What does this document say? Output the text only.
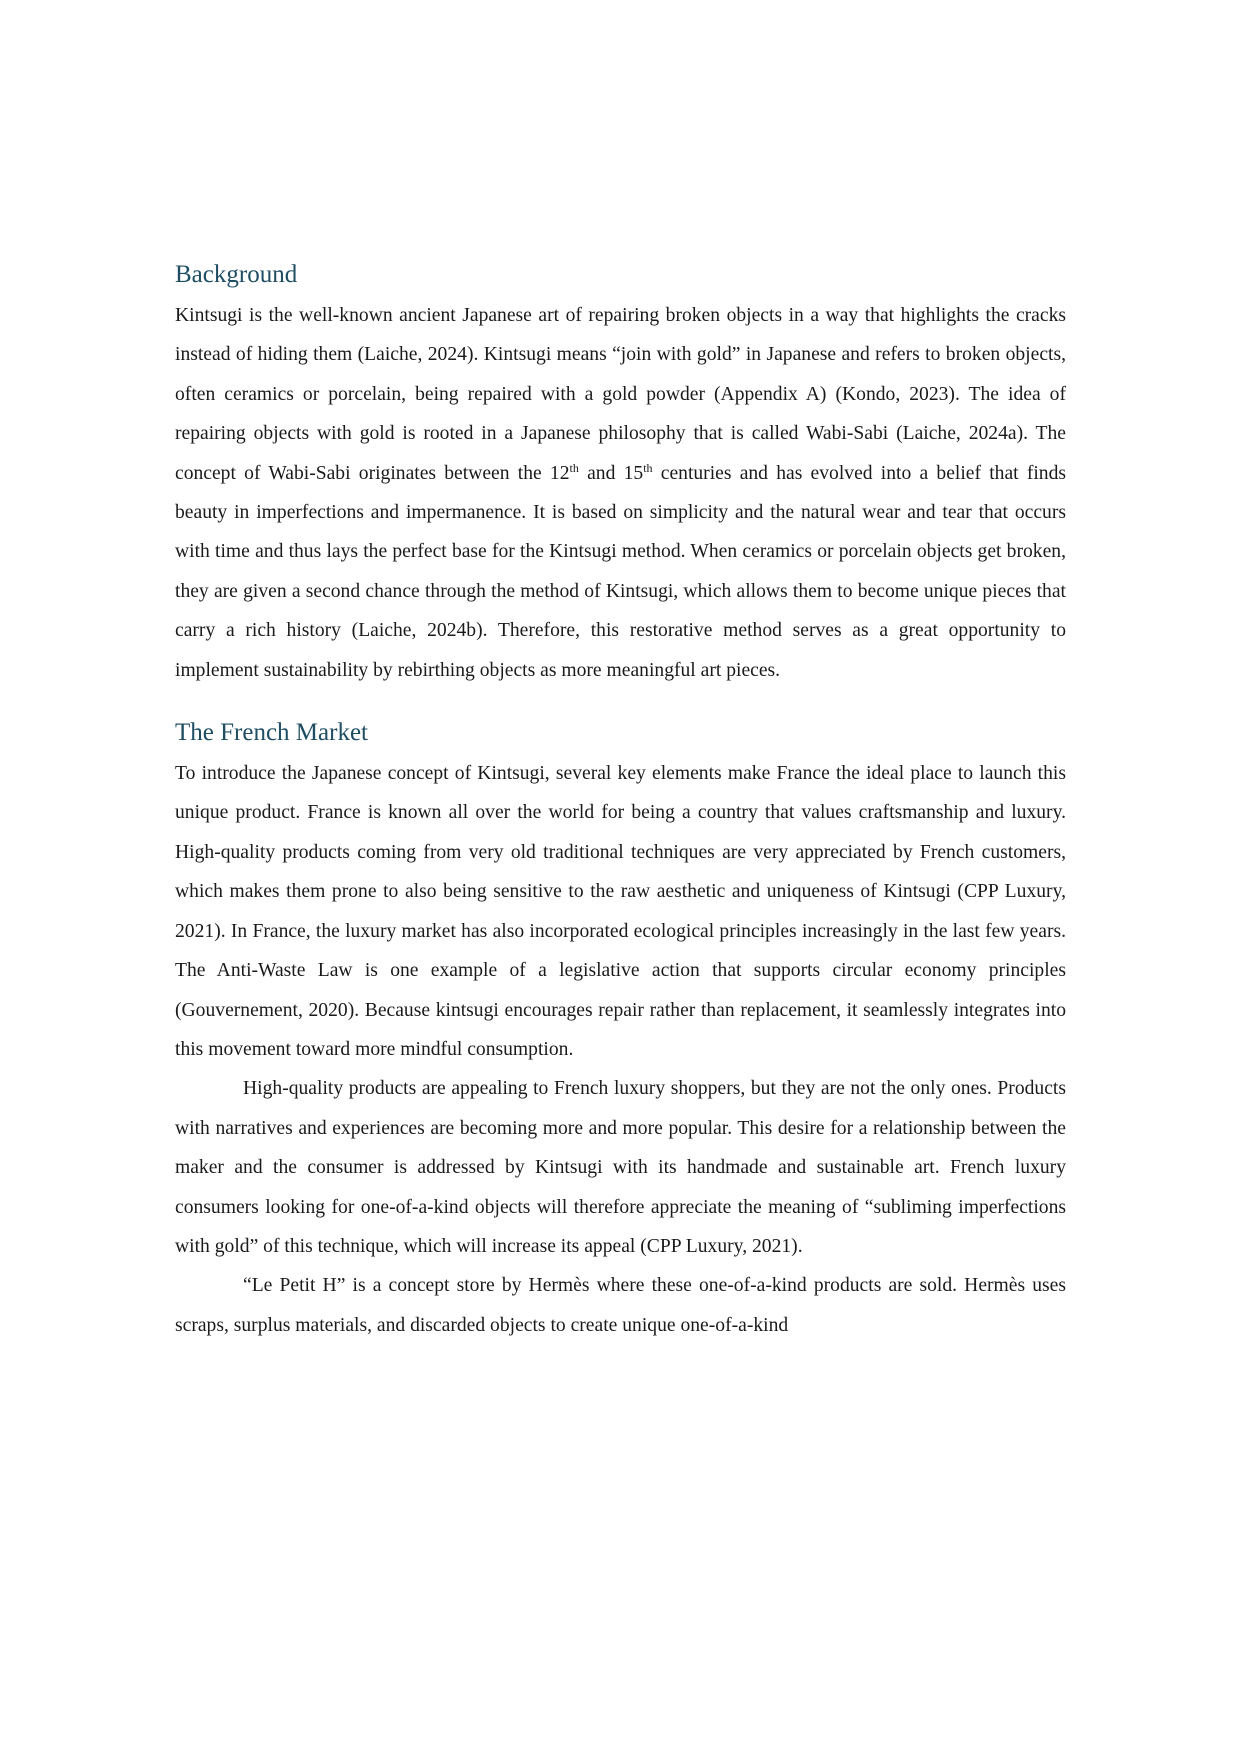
Background

Kintsugi is the well-known ancient Japanese art of repairing broken objects in a way that highlights the cracks instead of hiding them (Laiche, 2024). Kintsugi means “join with gold” in Japanese and refers to broken objects, often ceramics or porcelain, being repaired with a gold powder (Appendix A) (Kondo, 2023). The idea of repairing objects with gold is rooted in a Japanese philosophy that is called Wabi-Sabi (Laiche, 2024a). The concept of Wabi-Sabi originates between the 12th and 15th centuries and has evolved into a belief that finds beauty in imperfections and impermanence. It is based on simplicity and the natural wear and tear that occurs with time and thus lays the perfect base for the Kintsugi method. When ceramics or porcelain objects get broken, they are given a second chance through the method of Kintsugi, which allows them to become unique pieces that carry a rich history (Laiche, 2024b). Therefore, this restorative method serves as a great opportunity to implement sustainability by rebirthing objects as more meaningful art pieces.

The French Market

To introduce the Japanese concept of Kintsugi, several key elements make France the ideal place to launch this unique product. France is known all over the world for being a country that values craftsmanship and luxury. High-quality products coming from very old traditional techniques are very appreciated by French customers, which makes them prone to also being sensitive to the raw aesthetic and uniqueness of Kintsugi (CPP Luxury, 2021). In France, the luxury market has also incorporated ecological principles increasingly in the last few years. The Anti-Waste Law is one example of a legislative action that supports circular economy principles (Gouvernement, 2020). Because kintsugi encourages repair rather than replacement, it seamlessly integrates into this movement toward more mindful consumption.

High-quality products are appealing to French luxury shoppers, but they are not the only ones. Products with narratives and experiences are becoming more and more popular. This desire for a relationship between the maker and the consumer is addressed by Kintsugi with its handmade and sustainable art. French luxury consumers looking for one-of-a-kind objects will therefore appreciate the meaning of “subliming imperfections with gold” of this technique, which will increase its appeal (CPP Luxury, 2021).

“Le Petit H” is a concept store by Hermès where these one-of-a-kind products are sold. Hermès uses scraps, surplus materials, and discarded objects to create unique one-of-a-kind
